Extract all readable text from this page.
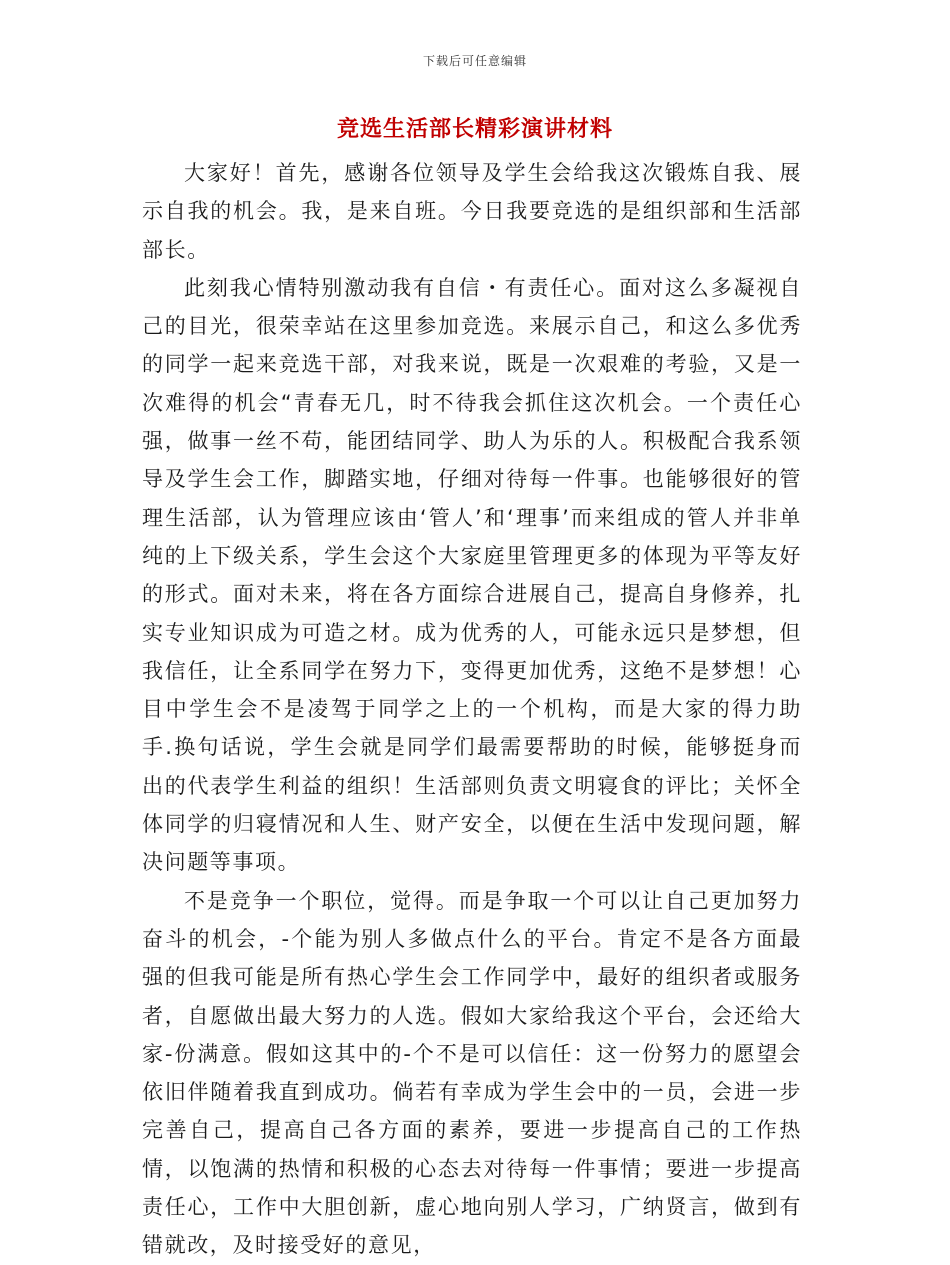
下载后可任意编辑
竞选生活部长精彩演讲材料

大家好！首先，感谢各位领导及学生会给我这次锻炼自我、展示自我的机会。我，是来自班。今日我要竞选的是组织部和生活部部长。

此刻我心情特别激动我有自信・有责任心。面对这么多凝视自己的目光，很荣幸站在这里参加竞选。来展示自己，和这么多优秀的同学一起来竞选干部，对我来说，既是一次艰难的考验，又是一次难得的机会“青春无几，时不待我会抓住这次机会。一个责任心强，做事一丝不苟，能团结同学、助人为乐的人。积极配合我系领导及学生会工作，脚踏实地，仔细对待每一件事。也能够很好的管理生活部，认为管理应该由‘管人’和‘理事’而来组成的管人并非单纯的上下级关系，学生会这个大家庭里管理更多的体现为平等友好的形式。面对未来，将在各方面综合进展自己，提高自身修养，扎实专业知识成为可造之材。成为优秀的人，可能永远只是梦想，但我信任，让全系同学在努力下，变得更加优秀，这绝不是梦想！心目中学生会不是凌驾于同学之上的一个机构，而是大家的得力助手.换句话说，学生会就是同学们最需要帮助的时候，能够挺身而出的代表学生利益的组织！生活部则负责文明寝食的评比；关怀全体同学的归寝情况和人生、财产安全，以便在生活中发现问题，解决问题等事项。

不是竞争一个职位，觉得。而是争取一个可以让自己更加努力奋斗的机会，-个能为别人多做点什么的平台。肯定不是各方面最强的但我可能是所有热心学生会工作同学中，最好的组织者或服务者，自愿做出最大努力的人选。假如大家给我这个平台，会还给大家-份满意。假如这其中的-个不是可以信任：这一份努力的愿望会依旧伴随着我直到成功。倘若有幸成为学生会中的一员，会进一步完善自己，提高自己各方面的素养，要进一步提高自己的工作热情，以饱满的热情和积极的心态去对待每一件事情；要进一步提高责任心，工作中大胆创新，虚心地向别人学习，广纳贤言，做到有错就改，及时接受好的意见，
